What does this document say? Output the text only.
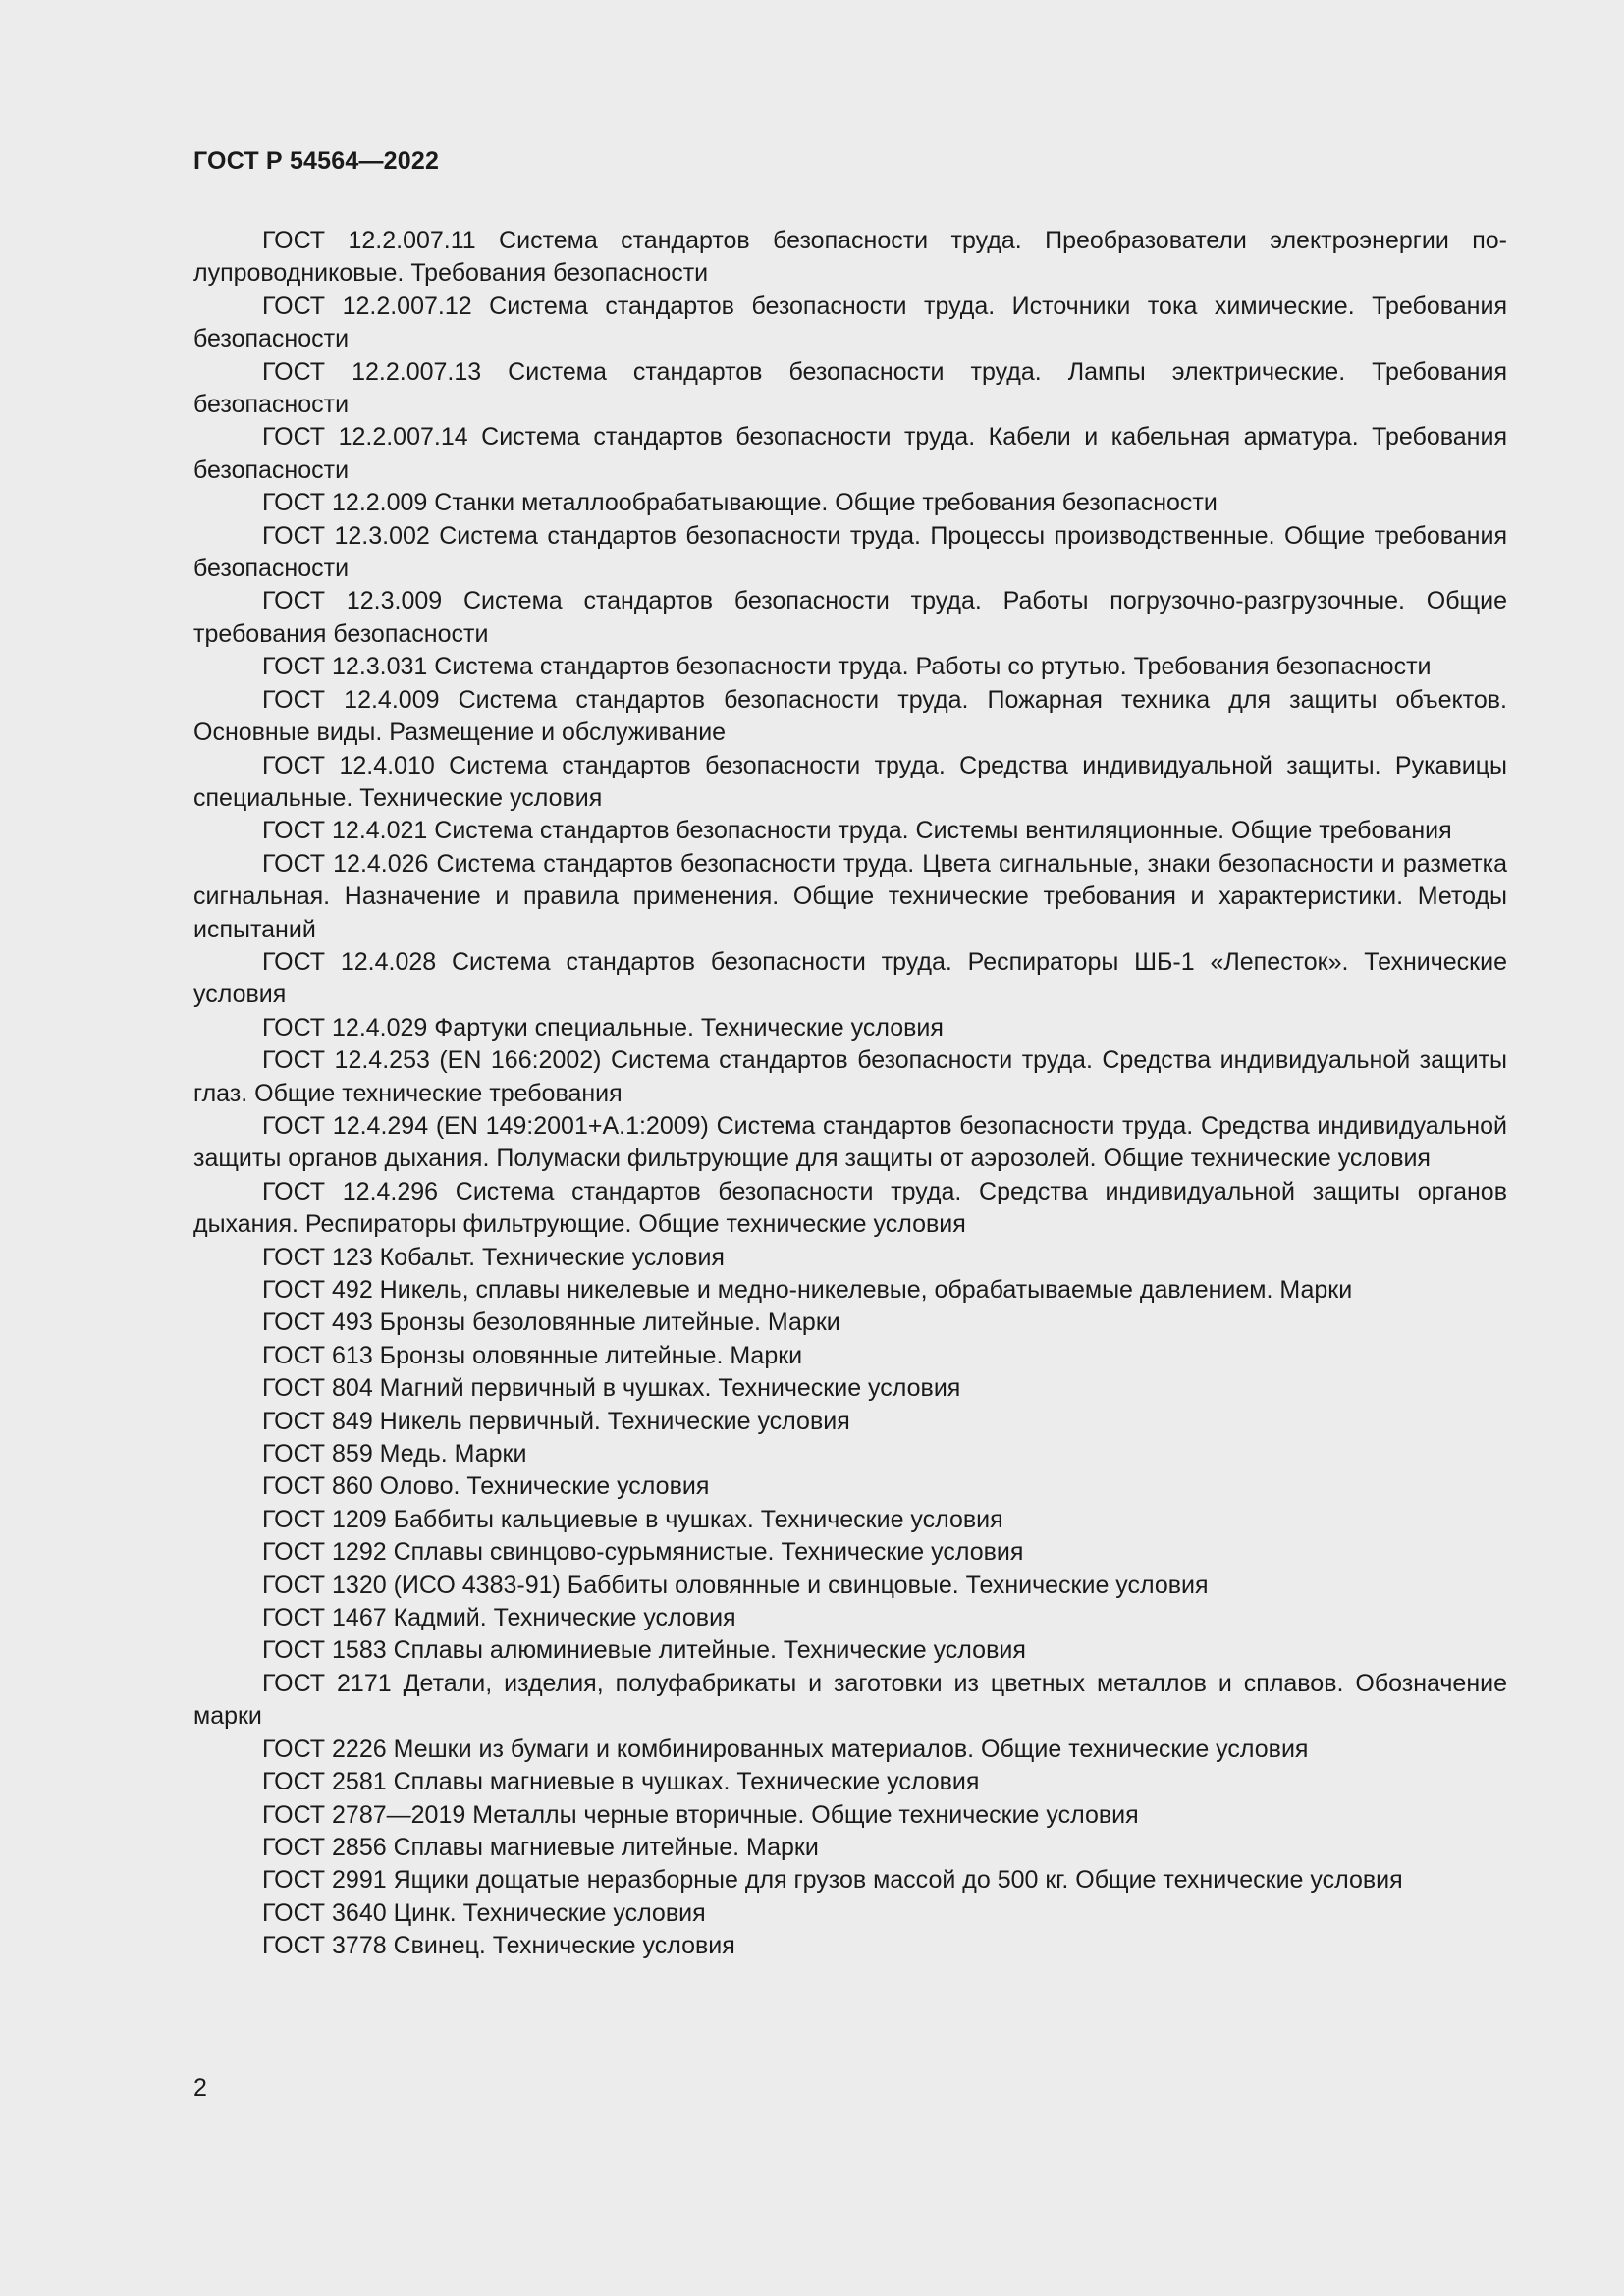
ГОСТ Р 54564—2022

ГОСТ 12.2.007.11 Система стандартов безопасности труда. Преобразователи электроэнергии полупроводниковые. Требования безопасности

ГОСТ 12.2.007.12 Система стандартов безопасности труда. Источники тока химические. Требования безопасности

ГОСТ 12.2.007.13 Система стандартов безопасности труда. Лампы электрические. Требования безопасности

ГОСТ 12.2.007.14 Система стандартов безопасности труда. Кабели и кабельная арматура. Требования безопасности

ГОСТ 12.2.009 Станки металлообрабатывающие. Общие требования безопасности

ГОСТ 12.3.002 Система стандартов безопасности труда. Процессы производственные. Общие требования безопасности

ГОСТ 12.3.009 Система стандартов безопасности труда. Работы погрузочно-разгрузочные. Общие требования безопасности

ГОСТ 12.3.031 Система стандартов безопасности труда. Работы со ртутью. Требования безопасности

ГОСТ 12.4.009 Система стандартов безопасности труда. Пожарная техника для защиты объектов. Основные виды. Размещение и обслуживание

ГОСТ 12.4.010 Система стандартов безопасности труда. Средства индивидуальной защиты. Рукавицы специальные. Технические условия

ГОСТ 12.4.021 Система стандартов безопасности труда. Системы вентиляционные. Общие требования

ГОСТ 12.4.026 Система стандартов безопасности труда. Цвета сигнальные, знаки безопасности и разметка сигнальная. Назначение и правила применения. Общие технические требования и характеристики. Методы испытаний

ГОСТ 12.4.028 Система стандартов безопасности труда. Респираторы ШБ-1 «Лепесток». Технические условия

ГОСТ 12.4.029 Фартуки специальные. Технические условия

ГОСТ 12.4.253 (EN 166:2002) Система стандартов безопасности труда. Средства индивидуальной защиты глаз. Общие технические требования

ГОСТ 12.4.294 (EN 149:2001+A.1:2009) Система стандартов безопасности труда. Средства индивидуальной защиты органов дыхания. Полумаски фильтрующие для защиты от аэрозолей. Общие технические условия

ГОСТ 12.4.296 Система стандартов безопасности труда. Средства индивидуальной защиты органов дыхания. Респираторы фильтрующие. Общие технические условия

ГОСТ 123 Кобальт. Технические условия

ГОСТ 492 Никель, сплавы никелевые и медно-никелевые, обрабатываемые давлением. Марки

ГОСТ 493 Бронзы безоловянные литейные. Марки

ГОСТ 613 Бронзы оловянные литейные. Марки

ГОСТ 804 Магний первичный в чушках. Технические условия

ГОСТ 849 Никель первичный. Технические условия

ГОСТ 859 Медь. Марки

ГОСТ 860 Олово. Технические условия

ГОСТ 1209 Баббиты кальциевые в чушках. Технические условия

ГОСТ 1292 Сплавы свинцово-сурьмянистые. Технические условия

ГОСТ 1320 (ИСО 4383-91) Баббиты оловянные и свинцовые. Технические условия

ГОСТ 1467 Кадмий. Технические условия

ГОСТ 1583 Сплавы алюминиевые литейные. Технические условия

ГОСТ 2171 Детали, изделия, полуфабрикаты и заготовки из цветных металлов и сплавов. Обозначение марки

ГОСТ 2226 Мешки из бумаги и комбинированных материалов. Общие технические условия

ГОСТ 2581 Сплавы магниевые в чушках. Технические условия

ГОСТ 2787—2019 Металлы черные вторичные. Общие технические условия

ГОСТ 2856 Сплавы магниевые литейные. Марки

ГОСТ 2991 Ящики дощатые неразборные для грузов массой до 500 кг. Общие технические условия

ГОСТ 3640 Цинк. Технические условия

ГОСТ 3778 Свинец. Технические условия

2
